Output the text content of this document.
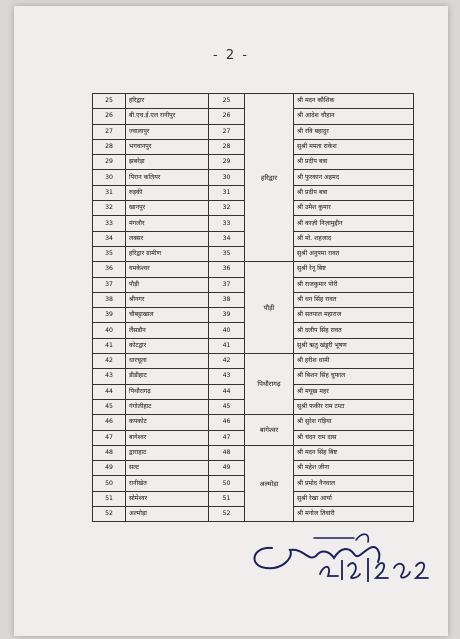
- 2 -
25	हरिद्वार	25	हरिद्वार	श्री मदन कौशिक
26	बी.एच.ई.एल रानीपुर	26		श्री आदेश चौहान
27	ज्वालापुर	27		श्री रवि बहादुर
28	भगवानपुर	28		सुश्री ममता राकेश
29	झबरेड़ा	29		श्री प्रदीप बत्रा
30	पिरान कलियर	30		श्री फुरकान अहमद
31	रुड़की	31		श्री प्रदीप बत्रा
32	खानपुर	32		श्री उमेश कुमार
33	मंगलौर	33		श्री काज़ी निज़ामुद्दीन
34	लक्सर	34		श्री मो. शहजाद
35	हरिद्वार ग्रामीण	35		सुश्री अनुपमा रावत
36	यमकेश्वर	36	पौड़ी	सुश्री रेनू बिष्ट
37	पौड़ी	37		श्री राजकुमार पोरी
38	श्रीनगर	38		श्री धन सिंह रावत
39	चौबट्टाखाल	39		श्री सतपाल महाराज
40	लैंसडौन	40		श्री दलीप सिंह रावत
41	कोटद्वार	41		सुश्री ऋतु खंडूरी भूषण
42	धारचूला	42	पिथौरागढ़	श्री हरीश धामी
43	डीडीहाट	43		श्री बिशन सिंह चुफाल
44	पिथौरागढ़	44		श्री मयूख महर
45	गंगोलीहाट	45		सुश्री फकीर राम टम्टा
46	कपकोट	46	बागेश्वर	श्री सुरेश गड़िया
47	बागेश्वर	47		श्री चंदन राम दास
48	द्वाराहाट	48	अल्मोड़ा	श्री मदन सिंह बिष्ट
49	सल्ट	49		श्री महेश जीना
50	रानीखेत	50		श्री प्रमोद नैनवाल
51	सोमेश्वर	51		सुश्री रेखा आर्या
52	अल्मोड़ा	52		श्री मनोज तिवारी
